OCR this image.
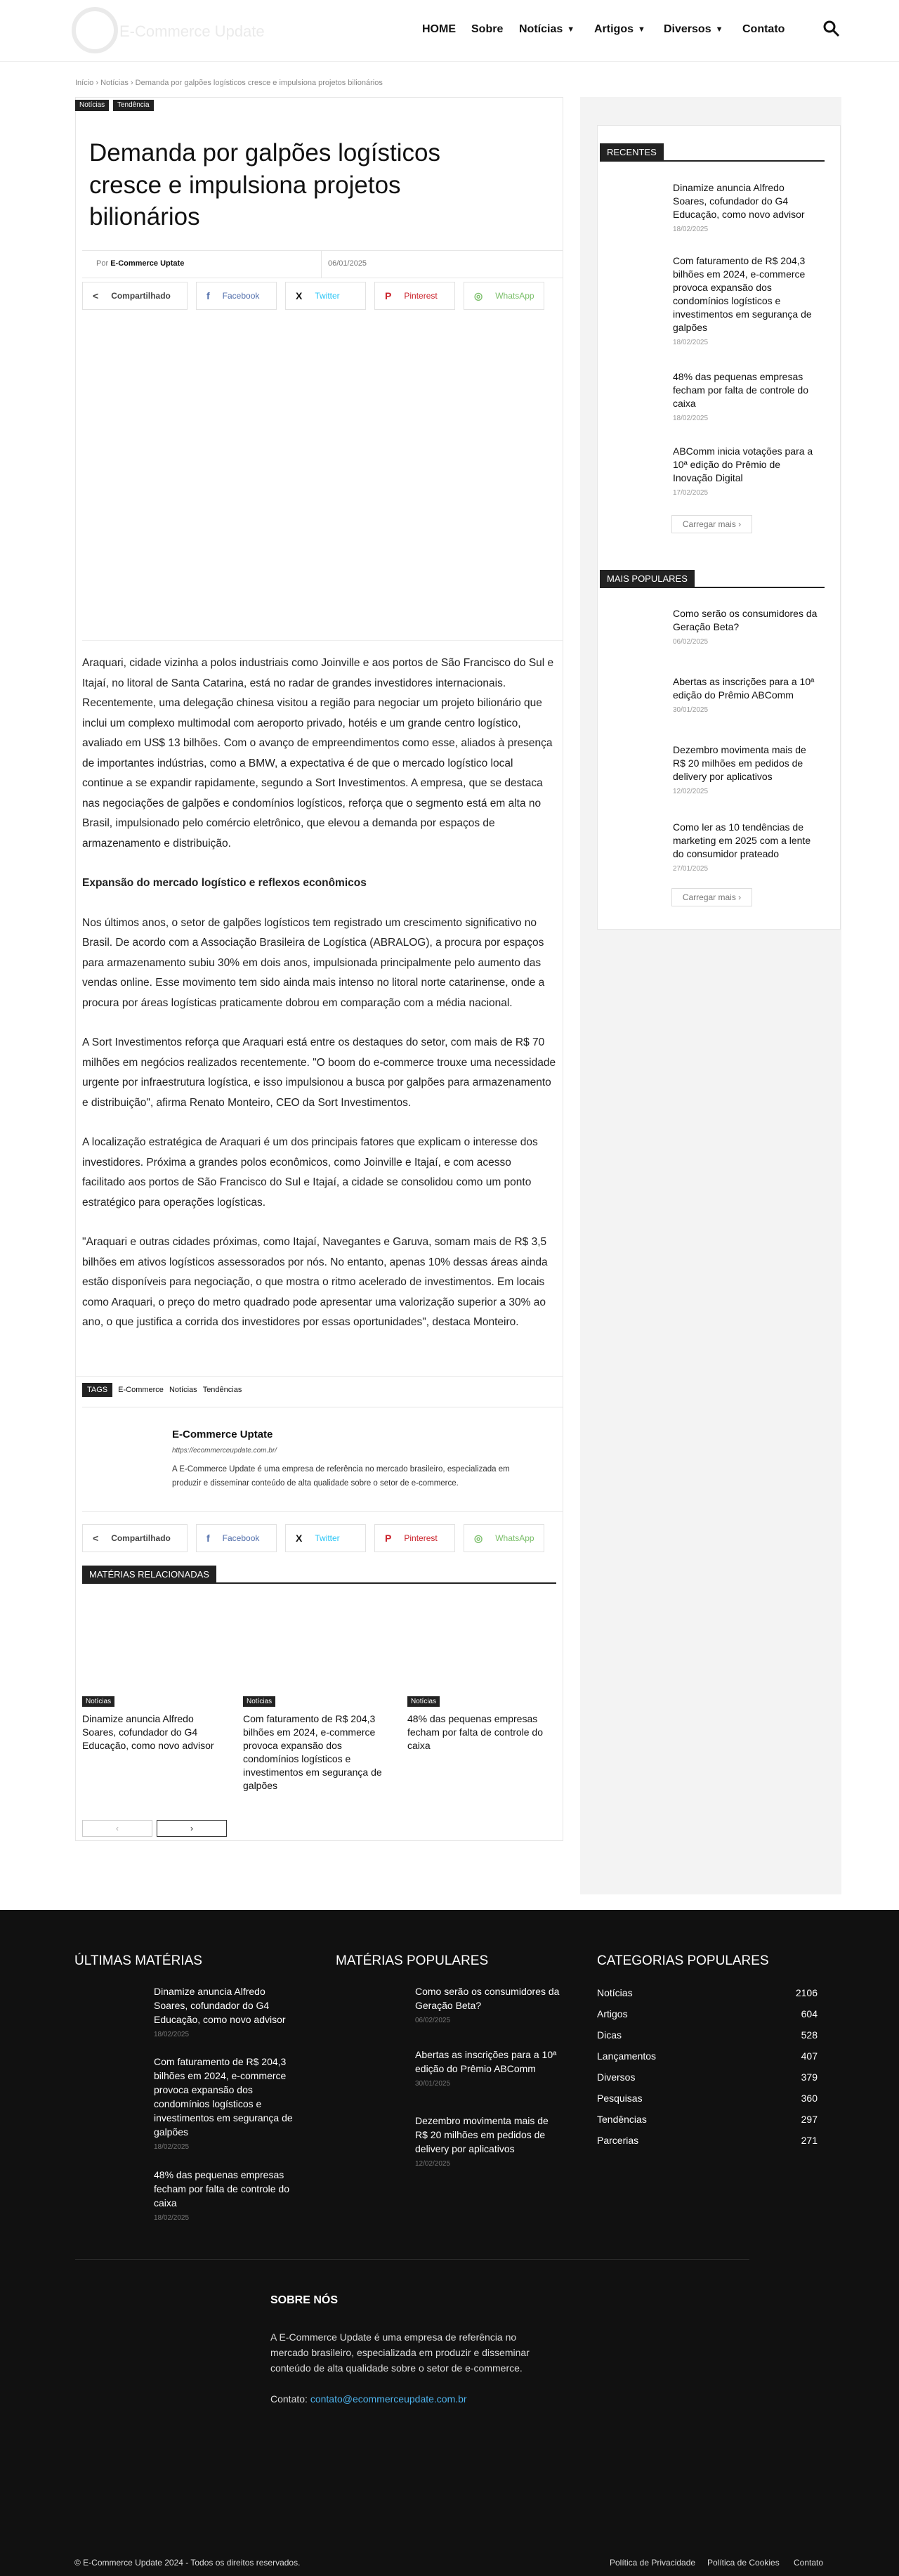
E-Commerce Update	HOME Sobre Notícias ▼ Artigos ▼ Diversos ▼ Contato
Início › Notícias › Demanda por galpões logísticos cresce e impulsiona projetos bilionários
Notícias	Tendência
Demanda por galpões logísticos cresce e impulsiona projetos bilionários
Por E-Commerce Uptate	06/01/2025
< Compartilhado	f Facebook	X Twitter	P Pinterest	◎ WhatsApp

Araquari, cidade vizinha a polos industriais como Joinville e aos portos de São Francisco do Sul e Itajaí, no litoral de Santa Catarina, está no radar de grandes investidores internacionais. Recentemente, uma delegação chinesa visitou a região para negociar um projeto bilionário que inclui um complexo multimodal com aeroporto privado, hotéis e um grande centro logístico, avaliado em US$ 13 bilhões. Com o avanço de empreendimentos como esse, aliados à presença de importantes indústrias, como a BMW, a expectativa é de que o mercado logístico local continue a se expandir rapidamente, segundo a Sort Investimentos. A empresa, que se destaca nas negociações de galpões e condomínios logísticos, reforça que o segmento está em alta no Brasil, impulsionado pelo comércio eletrônico, que elevou a demanda por espaços de armazenamento e distribuição.

Expansão do mercado logístico e reflexos econômicos

Nos últimos anos, o setor de galpões logísticos tem registrado um crescimento significativo no Brasil. De acordo com a Associação Brasileira de Logística (ABRALOG), a procura por espaços para armazenamento subiu 30% em dois anos, impulsionada principalmente pelo aumento das vendas online. Esse movimento tem sido ainda mais intenso no litoral norte catarinense, onde a procura por áreas logísticas praticamente dobrou em comparação com a média nacional.

A Sort Investimentos reforça que Araquari está entre os destaques do setor, com mais de R$ 70 milhões em negócios realizados recentemente. "O boom do e-commerce trouxe uma necessidade urgente por infraestrutura logística, e isso impulsionou a busca por galpões para armazenamento e distribuição", afirma Renato Monteiro, CEO da Sort Investimentos.

A localização estratégica de Araquari é um dos principais fatores que explicam o interesse dos investidores. Próxima a grandes polos econômicos, como Joinville e Itajaí, e com acesso facilitado aos portos de São Francisco do Sul e Itajaí, a cidade se consolidou como um ponto estratégico para operações logísticas.

"Araquari e outras cidades próximas, como Itajaí, Navegantes e Garuva, somam mais de R$ 3,5 bilhões em ativos logísticos assessorados por nós. No entanto, apenas 10% dessas áreas ainda estão disponíveis para negociação, o que mostra o ritmo acelerado de investimentos. Em locais como Araquari, o preço do metro quadrado pode apresentar uma valorização superior a 30% ao ano, o que justifica a corrida dos investidores por essas oportunidades", destaca Monteiro.

TAGS	E-Commerce Notícias Tendências
E-Commerce Uptate
https://ecommerceupdate.com.br/
A E-Commerce Update é uma empresa de referência no mercado brasileiro, especializada em produzir e disseminar conteúdo de alta qualidade sobre o setor de e-commerce.
< Compartilhado	f Facebook	X Twitter	P Pinterest	◎ WhatsApp
MATÉRIAS RELACIONADAS
Notícias
Dinamize anuncia Alfredo Soares, cofundador do G4 Educação, como novo advisor
Notícias
Com faturamento de R$ 204,3 bilhões em 2024, e-commerce provoca expansão dos condomínios logísticos e investimentos em segurança de galpões
Notícias
48% das pequenas empresas fecham por falta de controle do caixa
‹	›
RECENTES
Dinamize anuncia Alfredo Soares, cofundador do G4 Educação, como novo advisor
18/02/2025
Com faturamento de R$ 204,3 bilhões em 2024, e-commerce provoca expansão dos condomínios logísticos e investimentos em segurança de galpões
18/02/2025
48% das pequenas empresas fecham por falta de controle do caixa
18/02/2025
ABComm inicia votações para a 10ª edição do Prêmio de Inovação Digital
17/02/2025
Carregar mais ›
MAIS POPULARES
Como serão os consumidores da Geração Beta?
06/02/2025
Abertas as inscrições para a 10ª edição do Prêmio ABComm
30/01/2025
Dezembro movimenta mais de R$ 20 milhões em pedidos de delivery por aplicativos
12/02/2025
Como ler as 10 tendências de marketing em 2025 com a lente do consumidor prateado
27/01/2025
Carregar mais ›
ÚLTIMAS MATÉRIAS
Dinamize anuncia Alfredo Soares, cofundador do G4 Educação, como novo advisor
18/02/2025
Com faturamento de R$ 204,3 bilhões em 2024, e-commerce provoca expansão dos condomínios logísticos e investimentos em segurança de galpões
18/02/2025
48% das pequenas empresas fecham por falta de controle do caixa
18/02/2025
MATÉRIAS POPULARES
Como serão os consumidores da Geração Beta?
06/02/2025
Abertas as inscrições para a 10ª edição do Prêmio ABComm
30/01/2025
Dezembro movimenta mais de R$ 20 milhões em pedidos de delivery por aplicativos
12/02/2025
CATEGORIAS POPULARES
Notícias	2106
Artigos	604
Dicas	528
Lançamentos	407
Diversos	379
Pesquisas	360
Tendências	297
Parcerias	271
SOBRE NÓS
A E-Commerce Update é uma empresa de referência no mercado brasileiro, especializada em produzir e disseminar conteúdo de alta qualidade sobre o setor de e-commerce.
Contato: contato@ecommerceupdate.com.br
© E-Commerce Update 2024 - Todos os direitos reservados.	Política de Privacidade Política de Cookies Contato
